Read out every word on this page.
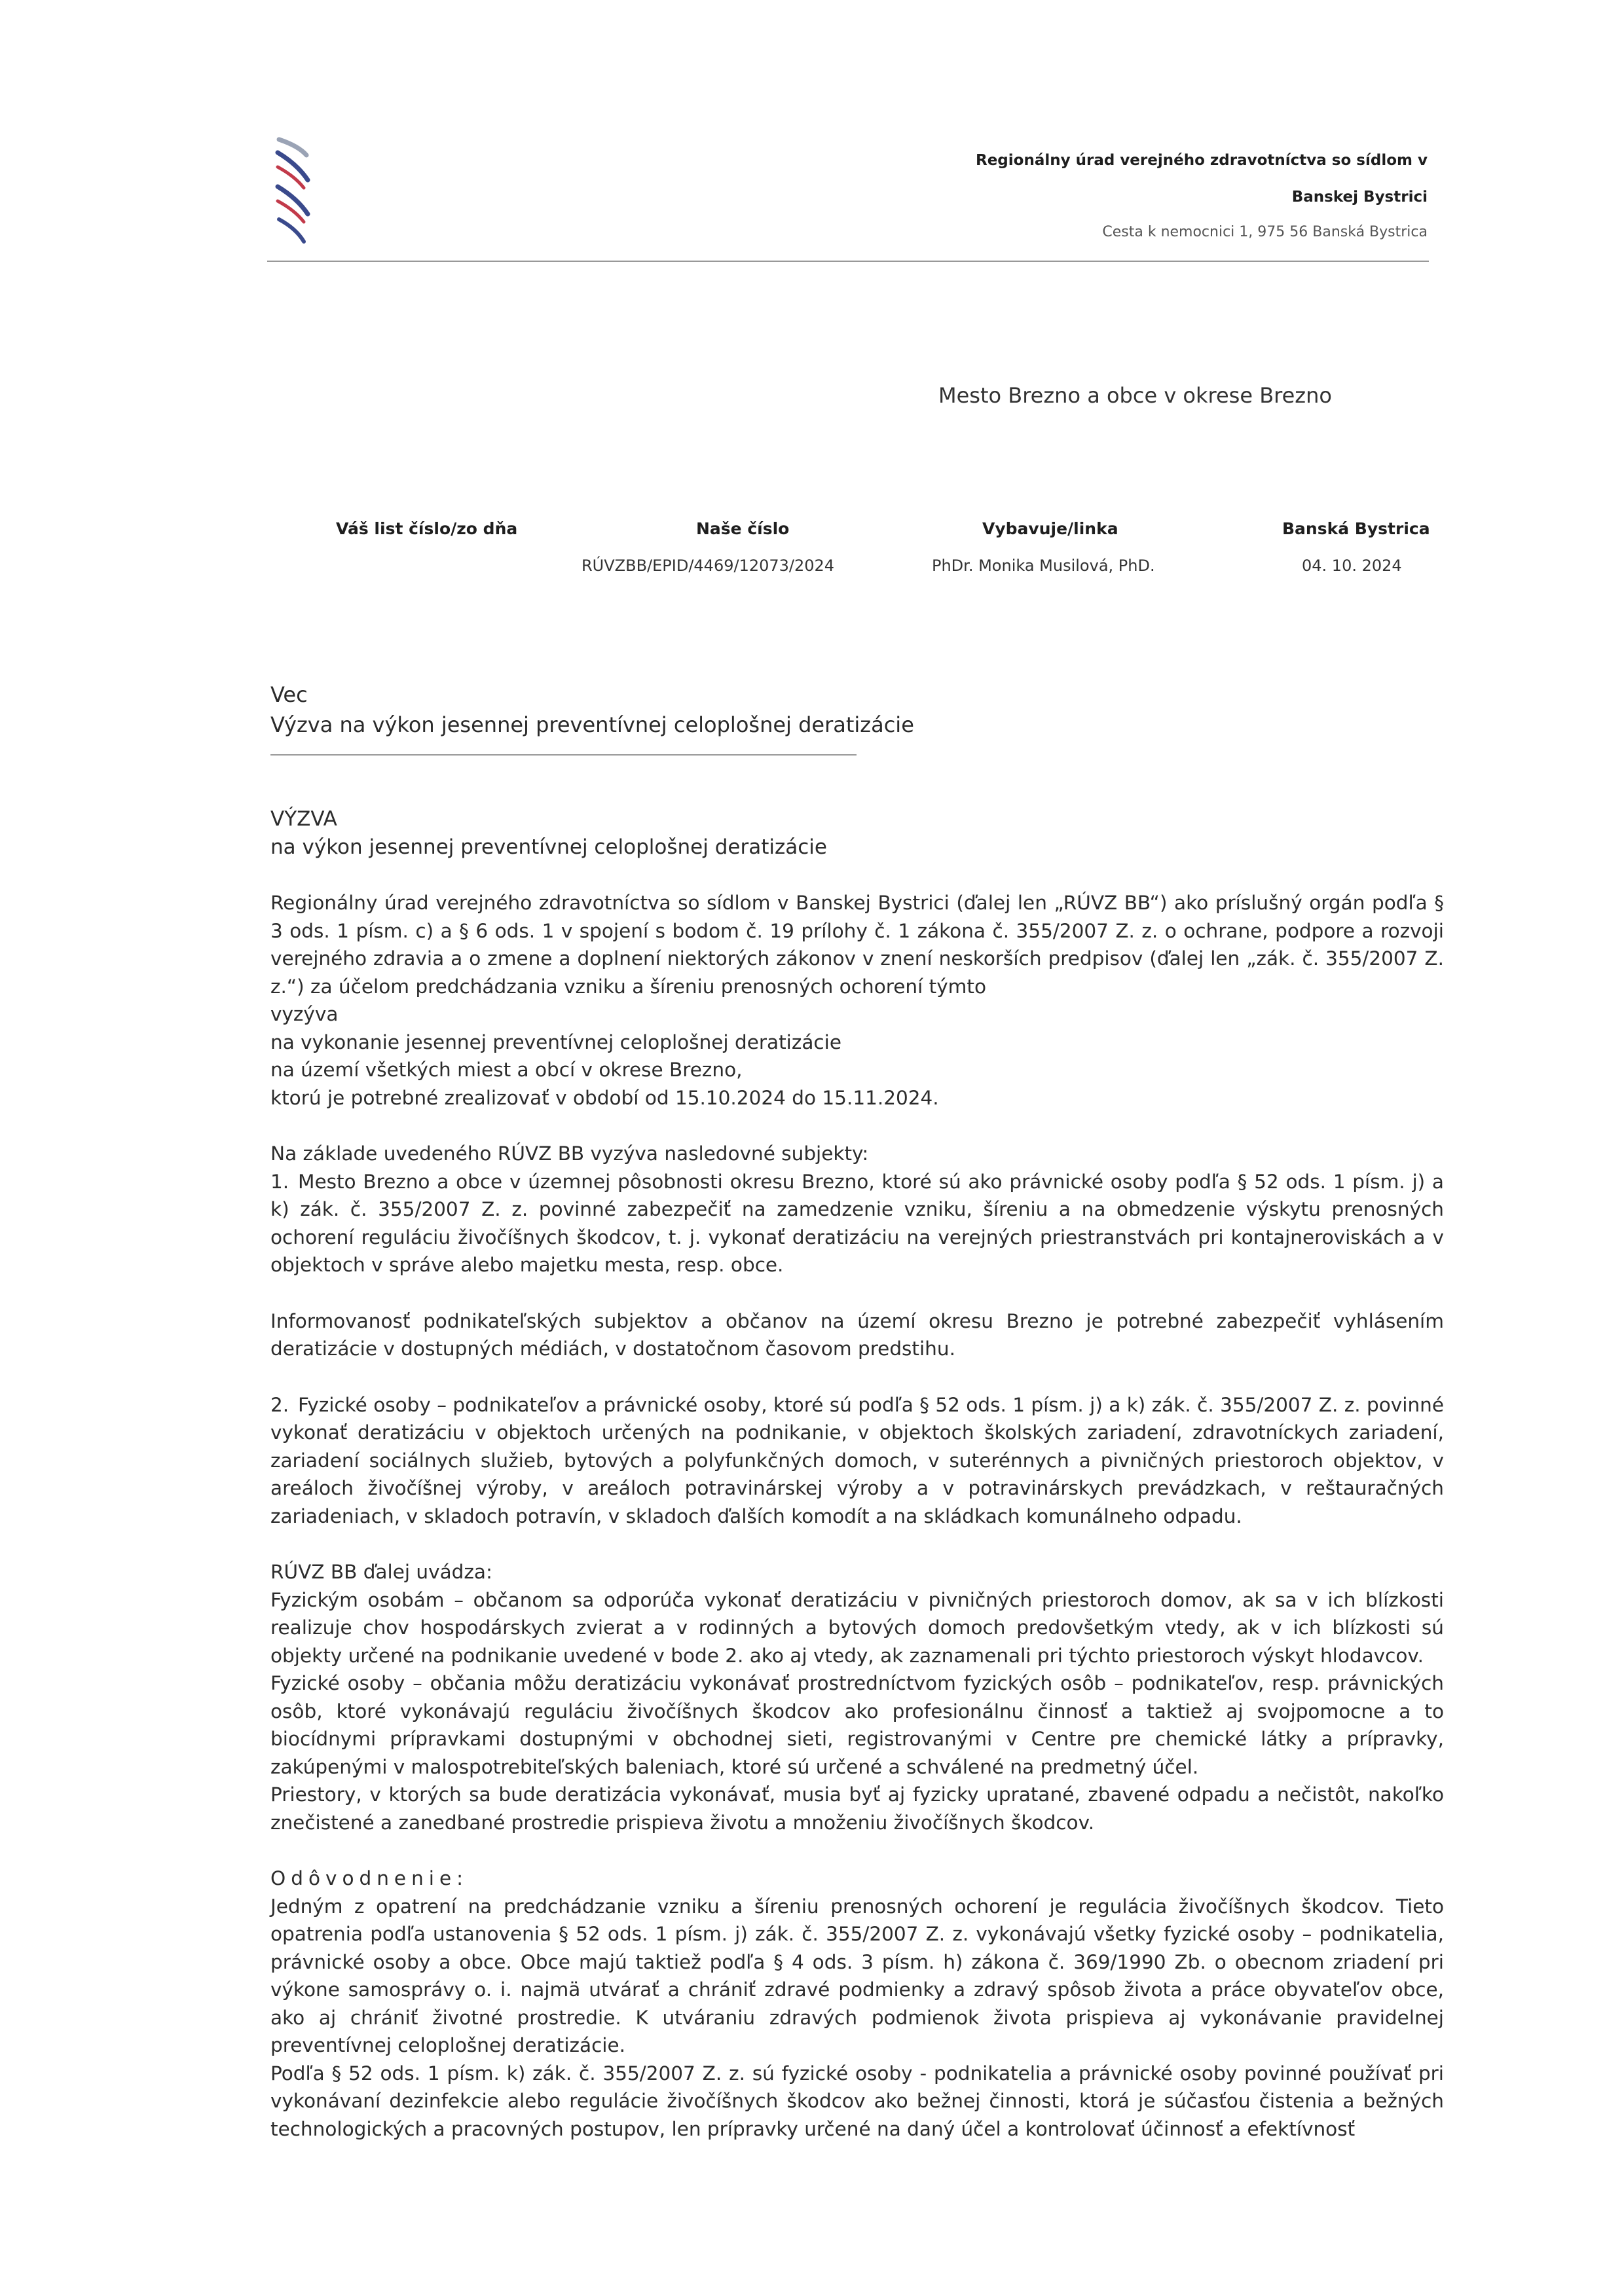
Regionálny úrad verejného zdravotníctva so sídlom v
Banskej Bystrici
Cesta k nemocnici 1, 975 56 Banská Bystrica
Mesto Brezno a obce v okrese Brezno
Váš list číslo/zo dňa	Naše číslo
RÚVZBB/EPID/4469/12073/2024
Vybavuje/linka
PhDr. Monika Musilová, PhD.
Banská Bystrica
04. 10. 2024
Vec
Výzva na výkon jesennej preventívnej celoplošnej deratizácie

VÝZVA

na výkon jesennej preventívnej celoplošnej deratizácie

Regionálny úrad verejného zdravotníctva so sídlom v Banskej Bystrici (ďalej len „RÚVZ BB“) ako príslušný orgán podľa § 3 ods. 1 písm. c) a § 6 ods. 1 v spojení s bodom č. 19 prílohy č. 1 zákona č. 355/2007 Z. z. o ochrane, podpore a rozvoji verejného zdravia a o zmene a doplnení niektorých zákonov v znení neskorších predpisov (ďalej len „zák. č. 355/2007 Z. z.“) za účelom predchádzania vzniku a šíreniu prenosných ochorení týmto

vyzýva

na vykonanie jesennej preventívnej celoplošnej deratizácie

na území všetkých miest a obcí v okrese Brezno,

ktorú je potrebné zrealizovať v období od 15.10.2024 do 15.11.2024.

Na základe uvedeného RÚVZ BB vyzýva nasledovné subjekty:

1. Mesto Brezno a obce v územnej pôsobnosti okresu Brezno, ktoré sú ako právnické osoby podľa § 52 ods. 1 písm. j) a k) zák. č. 355/2007 Z. z. povinné zabezpečiť na zamedzenie vzniku, šíreniu a na obmedzenie výskytu prenosných ochorení reguláciu živočíšnych škodcov, t. j. vykonať deratizáciu na verejných priestranstvách pri kontajneroviskách a v objektoch v správe alebo majetku mesta, resp. obce.

Informovanosť podnikateľských subjektov a občanov na území okresu Brezno je potrebné zabezpečiť vyhlásením deratizácie v dostupných médiách, v dostatočnom časovom predstihu.

2. Fyzické osoby – podnikateľov a právnické osoby, ktoré sú podľa § 52 ods. 1 písm. j) a k) zák. č. 355/2007 Z. z. povinné vykonať deratizáciu v objektoch určených na podnikanie, v objektoch školských zariadení, zdravotníckych zariadení, zariadení sociálnych služieb, bytových a polyfunkčných domoch, v suterénnych a pivničných priestoroch objektov, v areáloch živočíšnej výroby, v areáloch potravinárskej výroby a v potravinárskych prevádzkach, v reštauračných zariadeniach, v skladoch potravín, v skladoch ďalších komodít a na skládkach komunálneho odpadu.

RÚVZ BB ďalej uvádza:

Fyzickým osobám – občanom sa odporúča vykonať deratizáciu v pivničných priestoroch domov, ak sa v ich blízkosti realizuje chov hospodárskych zvierat a v rodinných a bytových domoch predovšetkým vtedy, ak v ich blízkosti sú objekty určené na podnikanie uvedené v bode 2. ako aj vtedy, ak zaznamenali pri týchto priestoroch výskyt hlodavcov.

Fyzické osoby – občania môžu deratizáciu vykonávať prostredníctvom fyzických osôb – podnikateľov, resp. právnických osôb, ktoré vykonávajú reguláciu živočíšnych škodcov ako profesionálnu činnosť a taktiež aj svojpomocne a to biocídnymi prípravkami dostupnými v obchodnej sieti, registrovanými v Centre pre chemické látky a prípravky, zakúpenými v malospotrebiteľských baleniach, ktoré sú určené a schválené na predmetný účel.

Priestory, v ktorých sa bude deratizácia vykonávať, musia byť aj fyzicky upratané, zbavené odpadu a nečistôt, nakoľko znečistené a zanedbané prostredie prispieva životu a množeniu živočíšnych škodcov.

Odôvodnenie:

Jedným z opatrení na predchádzanie vzniku a šíreniu prenosných ochorení je regulácia živočíšnych škodcov. Tieto opatrenia podľa ustanovenia § 52 ods. 1 písm. j) zák. č. 355/2007 Z. z. vykonávajú všetky fyzické osoby – podnikatelia, právnické osoby a obce. Obce majú taktiež podľa § 4 ods. 3 písm. h) zákona č. 369/1990 Zb. o obecnom zriadení pri výkone samosprávy o. i. najmä utvárať a chrániť zdravé podmienky a zdravý spôsob života a práce obyvateľov obce, ako aj chrániť životné prostredie. K utváraniu zdravých podmienok života prispieva aj vykonávanie pravidelnej preventívnej celoplošnej deratizácie.

Podľa § 52 ods. 1 písm. k) zák. č. 355/2007 Z. z. sú fyzické osoby - podnikatelia a právnické osoby povinné používať pri vykonávaní dezinfekcie alebo regulácie živočíšnych škodcov ako bežnej činnosti, ktorá je súčasťou čistenia a bežných technologických a pracovných postupov, len prípravky určené na daný účel a kontrolovať účinnosť a efektívnosť
